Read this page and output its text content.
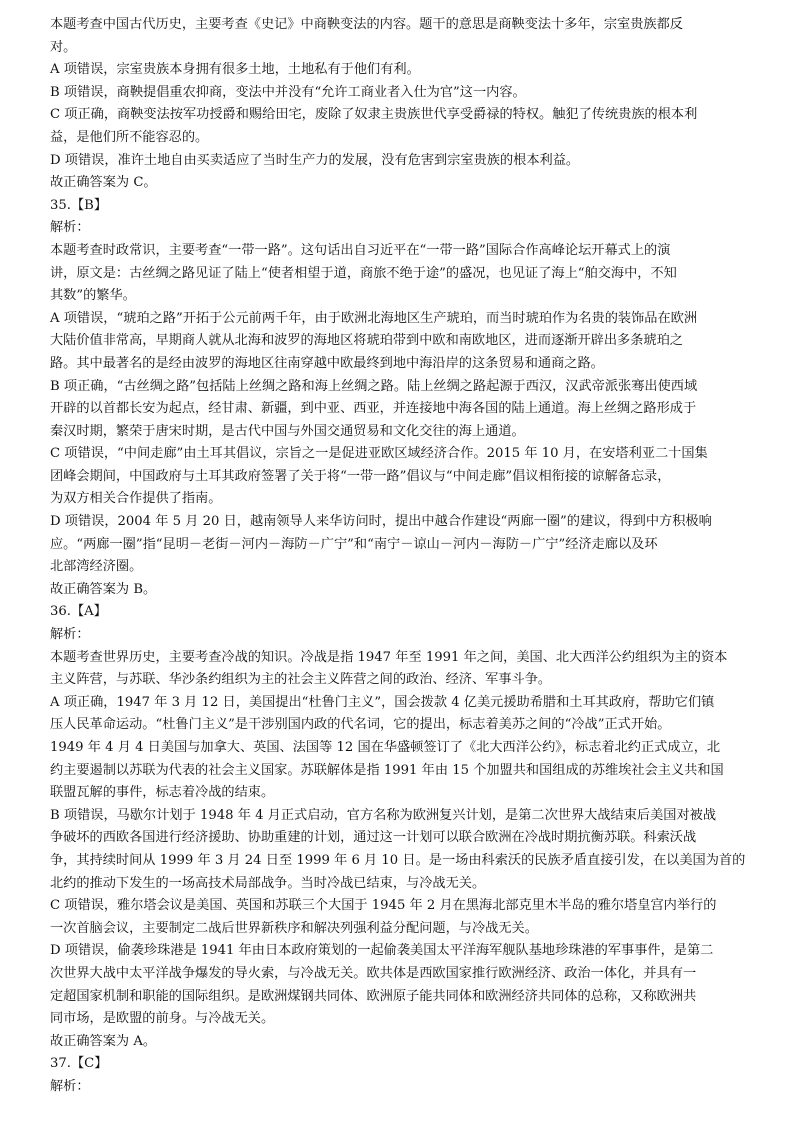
本题考查中国古代历史，主要考查《史记》中商鞅变法的内容。题干的意思是商鞅变法十多年，宗室贵族都反
对。
A 项错误，宗室贵族本身拥有很多土地，土地私有于他们有利。
B 项错误，商鞅提倡重农抑商，变法中并没有“允许工商业者入仕为官”这一内容。
C 项正确，商鞅变法按军功授爵和赐给田宅，废除了奴隶主贵族世代享受爵禄的特权。触犯了传统贵族的根本利
益，是他们所不能容忍的。
D 项错误，准许土地自由买卖适应了当时生产力的发展，没有危害到宗室贵族的根本利益。
故正确答案为 C。
35.【B】
解析：
本题考查时政常识，主要考查“一带一路”。这句话出自习近平在“一带一路”国际合作高峰论坛开幕式上的演
讲，原文是：古丝绸之路见证了陆上“使者相望于道，商旅不绝于途”的盛况，也见证了海上“舶交海中，不知
其数”的繁华。
A 项错误，“琥珀之路”开拓于公元前两千年，由于欧洲北海地区生产琥珀，而当时琥珀作为名贵的装饰品在欧洲
大陆价值非常高，早期商人就从北海和波罗的海地区将琥珀带到中欧和南欧地区，进而逐渐开辟出多条琥珀之
路。其中最著名的是经由波罗的海地区往南穿越中欧最终到地中海沿岸的这条贸易和通商之路。
B 项正确，“古丝绸之路”包括陆上丝绸之路和海上丝绸之路。陆上丝绸之路起源于西汉，汉武帝派张骞出使西域
开辟的以首都长安为起点，经甘肃、新疆，到中亚、西亚，并连接地中海各国的陆上通道。海上丝绸之路形成于
秦汉时期，繁荣于唐宋时期，是古代中国与外国交通贸易和文化交往的海上通道。
C 项错误，“中间走廊”由土耳其倡议，宗旨之一是促进亚欧区域经济合作。2015 年 10 月，在安塔利亚二十国集
团峰会期间，中国政府与土耳其政府签署了关于将“一带一路”倡议与“中间走廊”倡议相衔接的谅解备忘录，
为双方相关合作提供了指南。
D 项错误，2004 年 5 月 20 日，越南领导人来华访问时，提出中越合作建设“两廊一圈”的建议，得到中方积极响
应。“两廊一圈”指“昆明－老街－河内－海防－广宁”和“南宁－谅山－河内－海防－广宁”经济走廊以及环
北部湾经济圈。
故正确答案为 B。
36.【A】
解析：
本题考查世界历史，主要考查冷战的知识。冷战是指 1947 年至 1991 年之间，美国、北大西洋公约组织为主的资本
主义阵营，与苏联、华沙条约组织为主的社会主义阵营之间的政治、经济、军事斗争。
A 项正确，1947 年 3 月 12 日，美国提出“杜鲁门主义”，国会拨款 4 亿美元援助希腊和土耳其政府，帮助它们镇
压人民革命运动。“杜鲁门主义”是干涉别国内政的代名词，它的提出，标志着美苏之间的“冷战”正式开始。
1949 年 4 月 4 日美国与加拿大、英国、法国等 12 国在华盛顿签订了《北大西洋公约》，标志着北约正式成立，北
约主要遏制以苏联为代表的社会主义国家。苏联解体是指 1991 年由 15 个加盟共和国组成的苏维埃社会主义共和国
联盟瓦解的事件，标志着冷战的结束。
B 项错误，马歇尔计划于 1948 年 4 月正式启动，官方名称为欧洲复兴计划，是第二次世界大战结束后美国对被战
争破坏的西欧各国进行经济援助、协助重建的计划，通过这一计划可以联合欧洲在冷战时期抗衡苏联。科索沃战
争，其持续时间从 1999 年 3 月 24 日至 1999 年 6 月 10 日。是一场由科索沃的民族矛盾直接引发，在以美国为首的
北约的推动下发生的一场高技术局部战争。当时冷战已结束，与冷战无关。
C 项错误，雅尔塔会议是美国、英国和苏联三个大国于 1945 年 2 月在黑海北部克里木半岛的雅尔塔皇宫内举行的
一次首脑会议，主要制定二战后世界新秩序和解决列强利益分配问题，与冷战无关。
D 项错误，偷袭珍珠港是 1941 年由日本政府策划的一起偷袭美国太平洋海军舰队基地珍珠港的军事事件，是第二
次世界大战中太平洋战争爆发的导火索，与冷战无关。欧共体是西欧国家推行欧洲经济、政治一体化，并具有一
定超国家机制和职能的国际组织。是欧洲煤钢共同体、欧洲原子能共同体和欧洲经济共同体的总称，又称欧洲共
同市场，是欧盟的前身。与冷战无关。
故正确答案为 A。
37.【C】
解析：
